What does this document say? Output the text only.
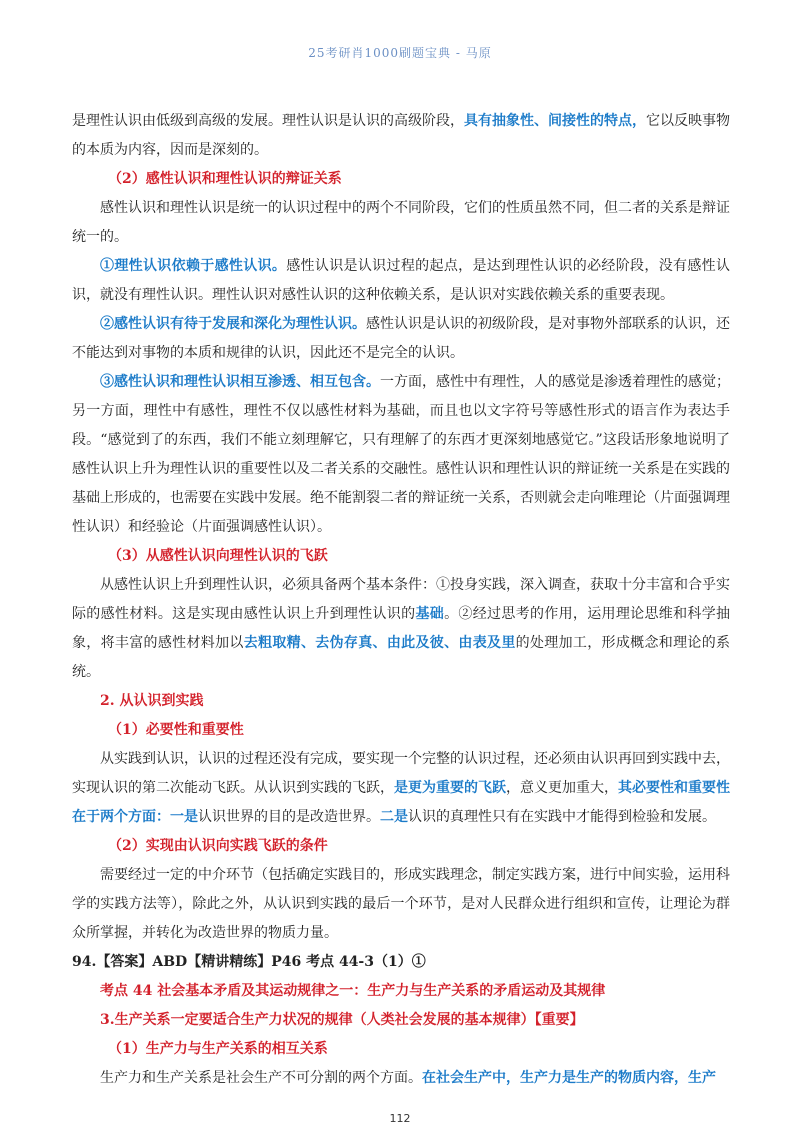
25考研肖1000刷题宝典 - 马原

是理性认识由低级到高级的发展。理性认识是认识的高级阶段，具有抽象性、间接性的特点，它以反映事物的本质为内容，因而是深刻的。

（2）感性认识和理性认识的辩证关系

感性认识和理性认识是统一的认识过程中的两个不同阶段，它们的性质虽然不同，但二者的关系是辩证统一的。

①理性认识依赖于感性认识。感性认识是认识过程的起点，是达到理性认识的必经阶段，没有感性认识，就没有理性认识。理性认识对感性认识的这种依赖关系，是认识对实践依赖关系的重要表现。

②感性认识有待于发展和深化为理性认识。感性认识是认识的初级阶段，是对事物外部联系的认识，还不能达到对事物的本质和规律的认识，因此还不是完全的认识。

③感性认识和理性认识相互渗透、相互包含。一方面，感性中有理性，人的感觉是渗透着理性的感觉；另一方面，理性中有感性，理性不仅以感性材料为基础，而且也以文字符号等感性形式的语言作为表达手段。“感觉到了的东西，我们不能立刻理解它，只有理解了的东西才更深刻地感觉它。”这段话形象地说明了感性认识上升为理性认识的重要性以及二者关系的交融性。感性认识和理性认识的辩证统一关系是在实践的基础上形成的，也需要在实践中发展。绝不能割裂二者的辩证统一关系，否则就会走向唯理论（片面强调理性认识）和经验论（片面强调感性认识）。

（3）从感性认识向理性认识的飞跃

从感性认识上升到理性认识，必须具备两个基本条件：①投身实践，深入调查，获取十分丰富和合乎实际的感性材料。这是实现由感性认识上升到理性认识的基础。②经过思考的作用，运用理论思维和科学抽象，将丰富的感性材料加以去粗取精、去伪存真、由此及彼、由表及里的处理加工，形成概念和理论的系统。

2. 从认识到实践

（1）必要性和重要性

从实践到认识，认识的过程还没有完成，要实现一个完整的认识过程，还必须由认识再回到实践中去，实现认识的第二次能动飞跃。从认识到实践的飞跃，是更为重要的飞跃，意义更加重大，其必要性和重要性在于两个方面：一是认识世界的目的是改造世界。二是认识的真理性只有在实践中才能得到检验和发展。

（2）实现由认识向实践飞跃的条件

需要经过一定的中介环节（包括确定实践目的，形成实践理念，制定实践方案，进行中间实验，运用科学的实践方法等），除此之外，从认识到实践的最后一个环节，是对人民群众进行组织和宣传，让理论为群众所掌握，并转化为改造世界的物质力量。

94.【答案】ABD【精讲精练】P46 考点 44-3（1）①

考点 44 社会基本矛盾及其运动规律之一：生产力与生产关系的矛盾运动及其规律

3.生产关系一定要适合生产力状况的规律（人类社会发展的基本规律）【重要】

（1）生产力与生产关系的相互关系

生产力和生产关系是社会生产不可分割的两个方面。在社会生产中，生产力是生产的物质内容，生产

112
